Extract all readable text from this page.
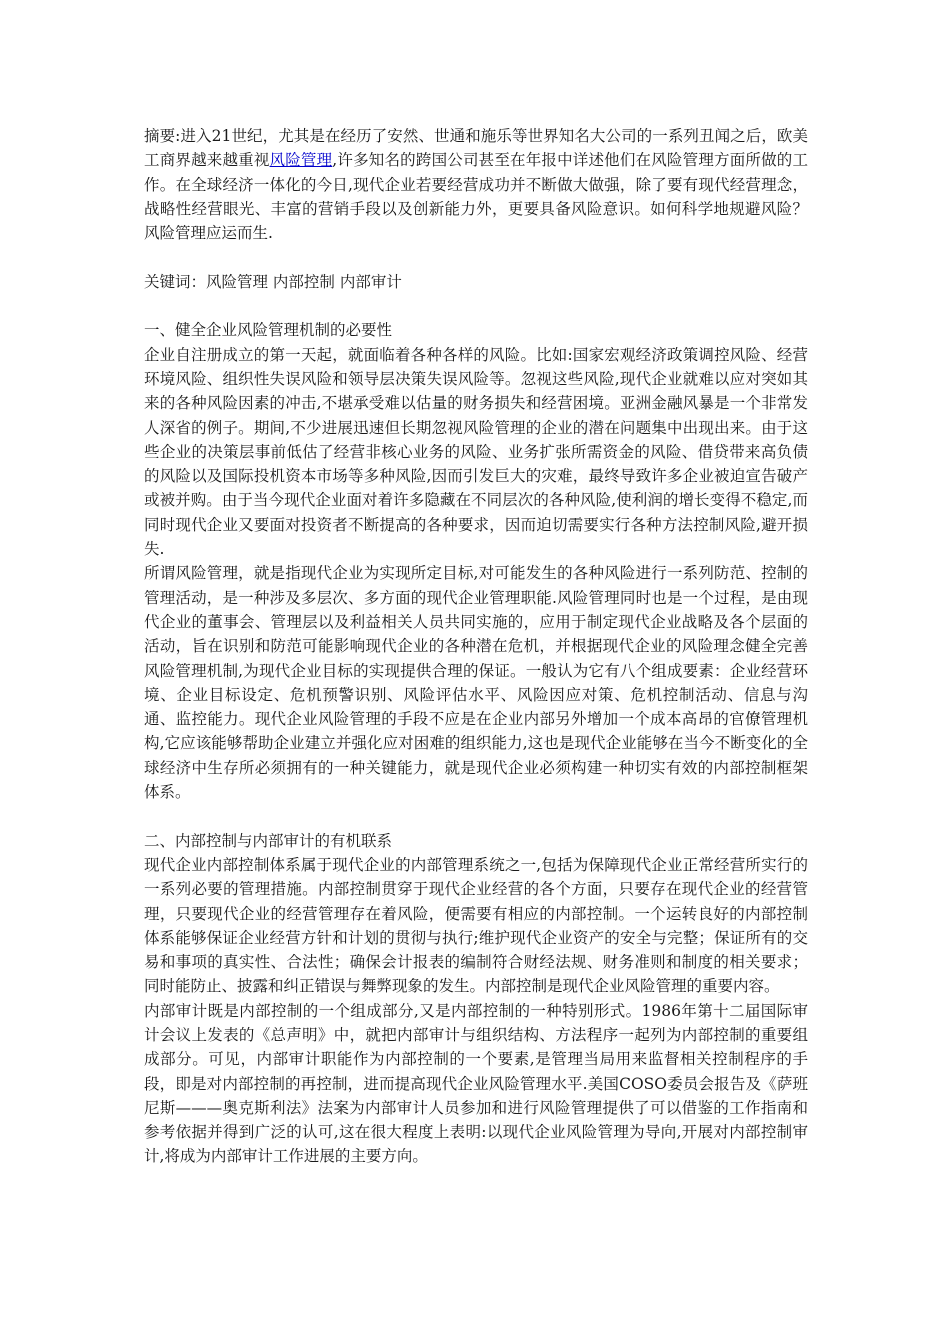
摘要:进入21世纪，尤其是在经历了安然、世通和施乐等世界知名大公司的一系列丑闻之后，欧美工商界越来越重视风险管理,许多知名的跨国公司甚至在年报中详述他们在风险管理方面所做的工作。在全球经济一体化的今日,现代企业若要经营成功并不断做大做强，除了要有现代经营理念，战略性经营眼光、丰富的营销手段以及创新能力外，更要具备风险意识。如何科学地规避风险？风险管理应运而生.

关键词：风险管理 内部控制 内部审计

一、健全企业风险管理机制的必要性

企业自注册成立的第一天起，就面临着各种各样的风险。比如:国家宏观经济政策调控风险、经营环境风险、组织性失误风险和领导层决策失误风险等。忽视这些风险,现代企业就难以应对突如其来的各种风险因素的冲击,不堪承受难以估量的财务损失和经营困境。亚洲金融风暴是一个非常发人深省的例子。期间,不少进展迅速但长期忽视风险管理的企业的潜在问题集中出现出来。由于这些企业的决策层事前低估了经营非核心业务的风险、业务扩张所需资金的风险、借贷带来高负债的风险以及国际投机资本市场等多种风险,因而引发巨大的灾难，最终导致许多企业被迫宣告破产或被并购。由于当今现代企业面对着许多隐藏在不同层次的各种风险,使利润的增长变得不稳定,而同时现代企业又要面对投资者不断提高的各种要求，因而迫切需要实行各种方法控制风险,避开损失.

所谓风险管理，就是指现代企业为实现所定目标,对可能发生的各种风险进行一系列防范、控制的管理活动，是一种涉及多层次、多方面的现代企业管理职能.风险管理同时也是一个过程，是由现代企业的董事会、管理层以及利益相关人员共同实施的，应用于制定现代企业战略及各个层面的活动，旨在识别和防范可能影响现代企业的各种潜在危机，并根据现代企业的风险理念健全完善风险管理机制,为现代企业目标的实现提供合理的保证。一般认为它有八个组成要素：企业经营环境、企业目标设定、危机预警识别、风险评估水平、风险因应对策、危机控制活动、信息与沟通、监控能力。现代企业风险管理的手段不应是在企业内部另外增加一个成本高昂的官僚管理机构,它应该能够帮助企业建立并强化应对困难的组织能力,这也是现代企业能够在当今不断变化的全球经济中生存所必须拥有的一种关键能力，就是现代企业必须构建一种切实有效的内部控制框架体系。

二、内部控制与内部审计的有机联系

现代企业内部控制体系属于现代企业的内部管理系统之一,包括为保障现代企业正常经营所实行的一系列必要的管理措施。内部控制贯穿于现代企业经营的各个方面，只要存在现代企业的经营管理，只要现代企业的经营管理存在着风险，便需要有相应的内部控制。一个运转良好的内部控制体系能够保证企业经营方针和计划的贯彻与执行;维护现代企业资产的安全与完整；保证所有的交易和事项的真实性、合法性；确保会计报表的编制符合财经法规、财务准则和制度的相关要求；同时能防止、披露和纠正错误与舞弊现象的发生。内部控制是现代企业风险管理的重要内容。

内部审计既是内部控制的一个组成部分,又是内部控制的一种特别形式。1986年第十二届国际审计会议上发表的《总声明》中，就把内部审计与组织结构、方法程序一起列为内部控制的重要组成部分。可见，内部审计职能作为内部控制的一个要素,是管理当局用来监督相关控制程序的手段，即是对内部控制的再控制，进而提高现代企业风险管理水平.美国COSO委员会报告及《萨班尼斯———奥克斯利法》法案为内部审计人员参加和进行风险管理提供了可以借鉴的工作指南和参考依据并得到广泛的认可,这在很大程度上表明:以现代企业风险管理为导向,开展对内部控制审计,将成为内部审计工作进展的主要方向。
